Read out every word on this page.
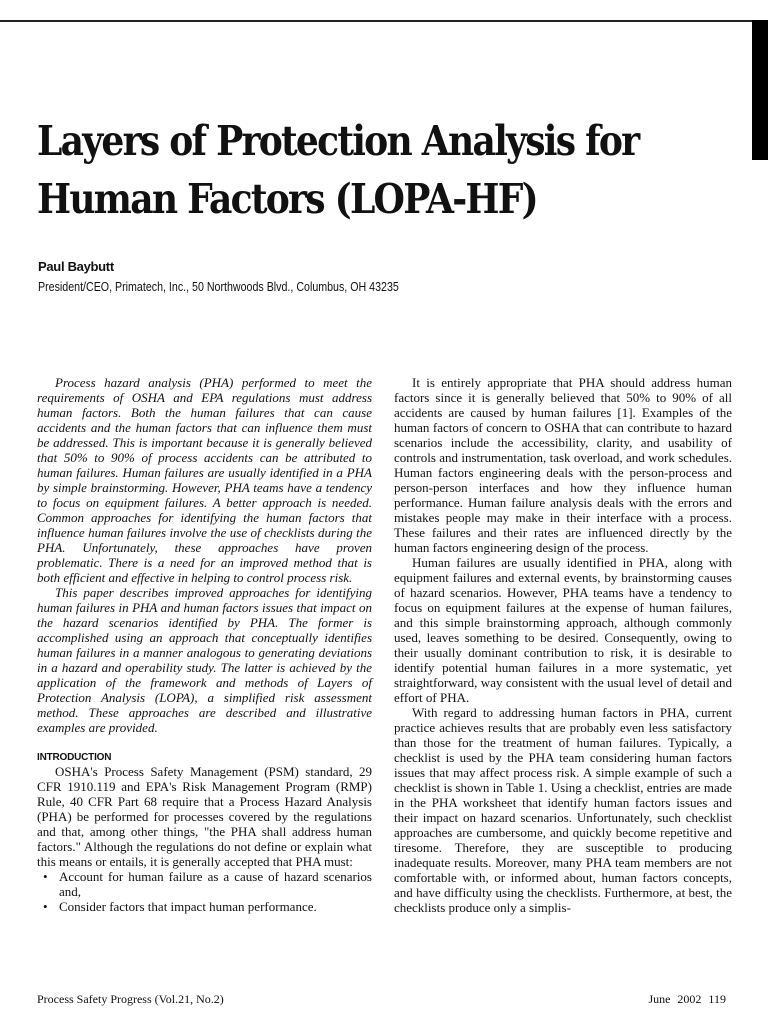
Layers of Protection Analysis for
Human Factors (LOPA-HF)
Paul Baybutt
President/CEO, Primatech, Inc., 50 Northwoods Blvd., Columbus, OH 43235

Process hazard analysis (PHA) performed to meet the requirements of OSHA and EPA regulations must address human factors. Both the human failures that can cause accidents and the human factors that can influence them must be addressed. This is important because it is generally believed that 50% to 90% of process accidents can be attributed to human failures. Human failures are usually identified in a PHA by simple brainstorming. However, PHA teams have a tendency to focus on equipment failures. A better approach is needed. Common approaches for identifying the human factors that influence human failures involve the use of checklists during the PHA. Unfortunately, these approaches have proven problematic. There is a need for an improved method that is both efficient and effective in helping to control process risk.

This paper describes improved approaches for identifying human failures in PHA and human factors issues that impact on the hazard scenarios identified by PHA. The former is accomplished using an approach that conceptually identifies human failures in a manner analogous to generating deviations in a hazard and operability study. The latter is achieved by the application of the framework and methods of Layers of Protection Analysis (LOPA), a simplified risk assessment method. These approaches are described and illustrative examples are provided.

INTRODUCTION

OSHA's Process Safety Management (PSM) standard, 29 CFR 1910.119 and EPA's Risk Management Program (RMP) Rule, 40 CFR Part 68 require that a Process Hazard Analysis (PHA) be performed for processes covered by the regulations and that, among other things, "the PHA shall address human factors." Although the regulations do not define or explain what this means or entails, it is generally accepted that PHA must:

• Account for human failure as a cause of hazard scenarios and,
• Consider factors that impact human performance.

It is entirely appropriate that PHA should address human factors since it is generally believed that 50% to 90% of all accidents are caused by human failures [1]. Examples of the human factors of concern to OSHA that can contribute to hazard scenarios include the accessibility, clarity, and usability of controls and instrumentation, task overload, and work schedules. Human factors engineering deals with the person-process and person-person interfaces and how they influence human performance. Human failure analysis deals with the errors and mistakes people may make in their interface with a process. These failures and their rates are influenced directly by the human factors engineering design of the process.

Human failures are usually identified in PHA, along with equipment failures and external events, by brainstorming causes of hazard scenarios. However, PHA teams have a tendency to focus on equipment failures at the expense of human failures, and this simple brainstorming approach, although commonly used, leaves something to be desired. Consequently, owing to their usually dominant contribution to risk, it is desirable to identify potential human failures in a more systematic, yet straightforward, way consistent with the usual level of detail and effort of PHA.

With regard to addressing human factors in PHA, current practice achieves results that are probably even less satisfactory than those for the treatment of human failures. Typically, a checklist is used by the PHA team considering human factors issues that may affect process risk. A simple example of such a checklist is shown in Table 1. Using a checklist, entries are made in the PHA worksheet that identify human factors issues and their impact on hazard scenarios. Unfortunately, such checklist approaches are cumbersome, and quickly become repetitive and tiresome. Therefore, they are susceptible to producing inadequate results. Moreover, many PHA team members are not comfortable with, or informed about, human factors concepts, and have difficulty using the checklists. Furthermore, at best, the checklists produce only a simplis-

Process Safety Progress (Vol.21, No.2)	June 2002 119
